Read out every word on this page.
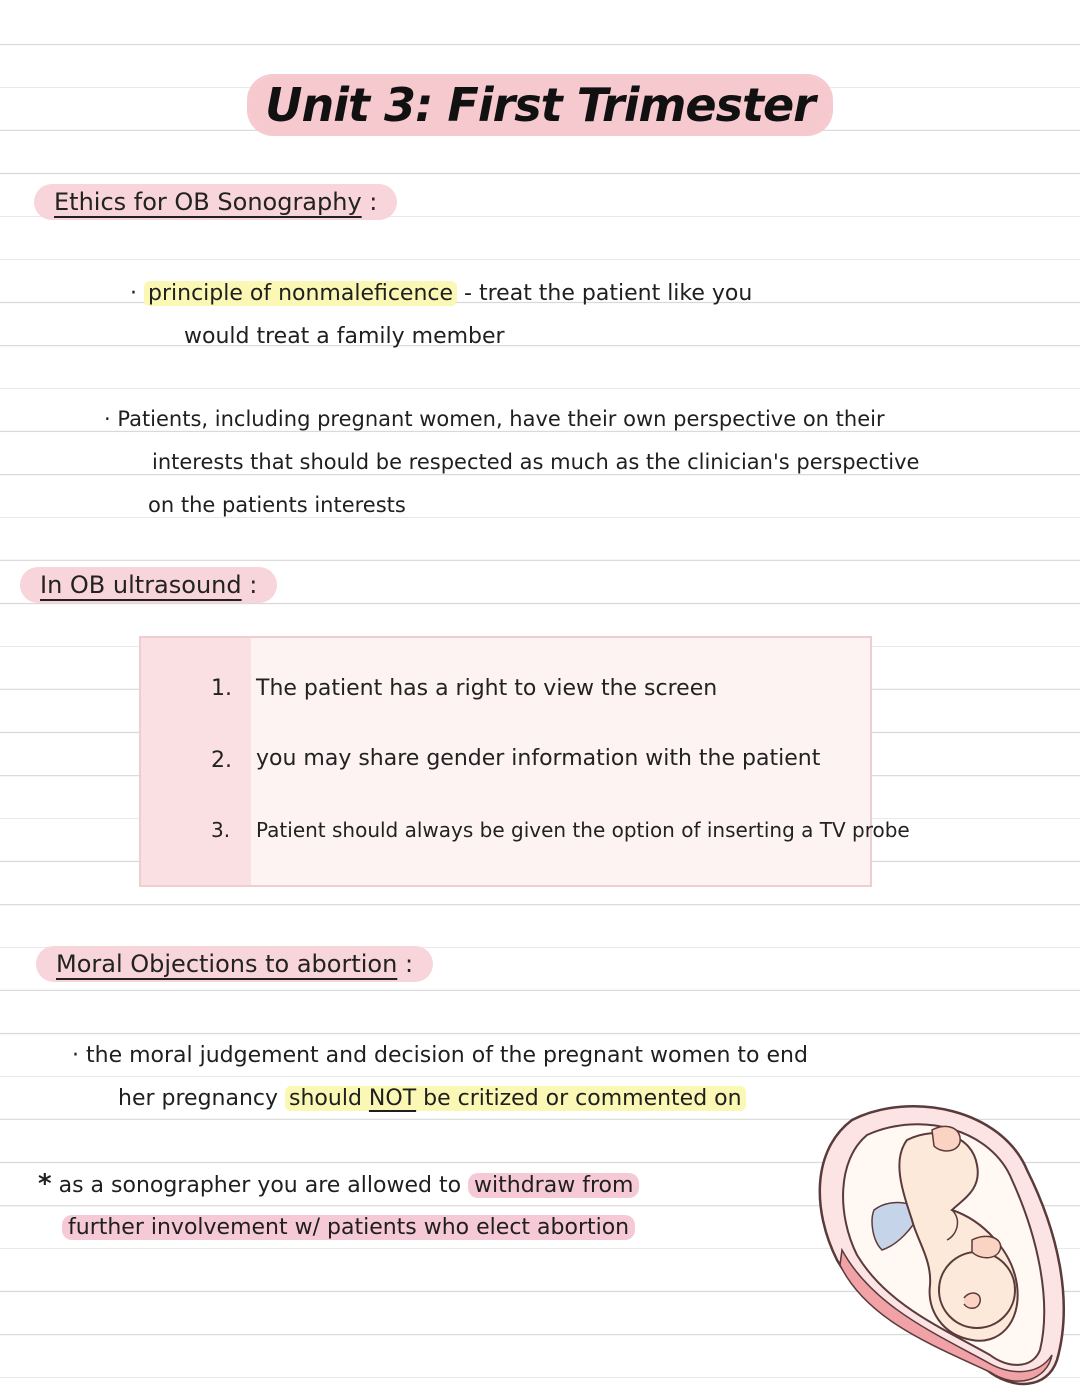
Unit 3: First Trimester
Ethics for OB Sonography :
· principle of nonmaleficence - treat the patient like you
would treat a family member
· Patients, including pregnant women, have their own perspective on their
interests that should be respected as much as the clinician's perspective
on the patients interests
In OB ultrasound :
1. The patient has a right to view the screen
2. you may share gender information with the patient
3. Patient should always be given the option of inserting a TV probe
Moral Objections to abortion :
· the moral judgement and decision of the pregnant women to end
her pregnancy should NOT be critized or commented on
* as a sonographer you are allowed to withdraw from
further involvement w/ patients who elect abortion
